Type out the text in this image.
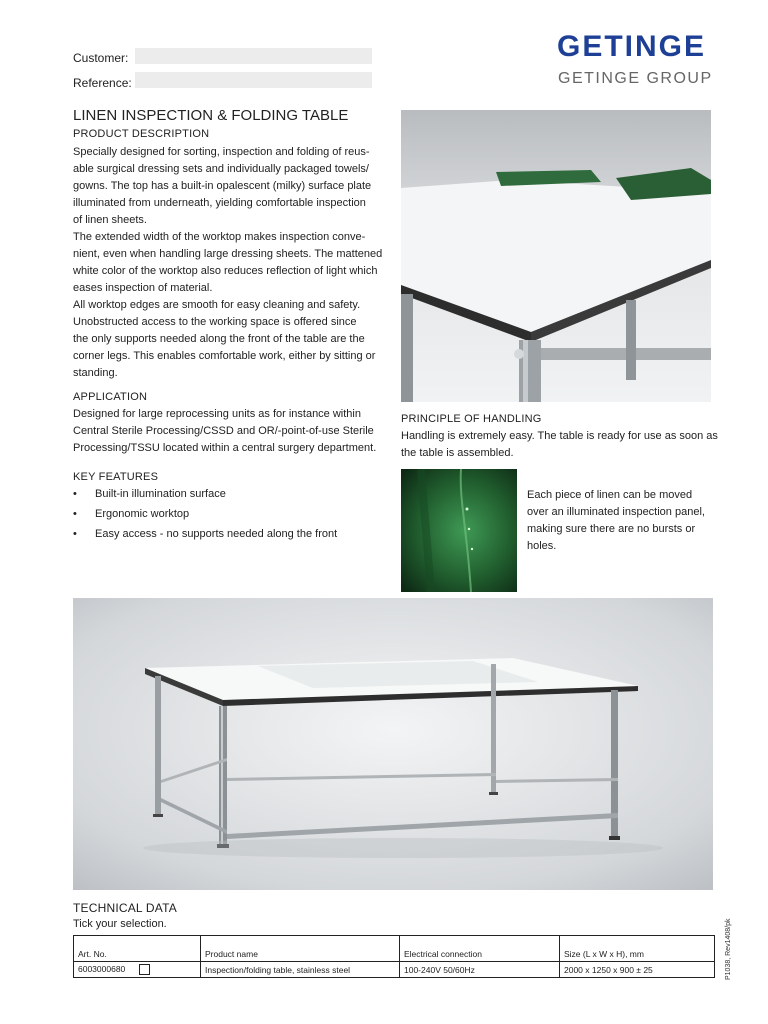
Customer:
Reference:
GETINGE
GETINGE GROUP
LINEN INSPECTION & FOLDING TABLE
PRODUCT DESCRIPTION
Specially designed for sorting, inspection and folding of reus-
able surgical dressing sets and individually packaged towels/
gowns. The top has a built-in opalescent (milky) surface plate
illuminated from underneath, yielding comfortable inspection
of linen sheets.
The extended width of the worktop makes inspection conve-
nient, even when handling large dressing sheets. The mattened
white color of the worktop also reduces reflection of light which
eases inspection of material.
All worktop edges are smooth for easy cleaning and safety.
Unobstructed access to the working space is offered since
the only supports needed along the front of the table are the
corner legs. This enables comfortable work, either by sitting or
standing.
APPLICATION
Designed for large reprocessing units as for instance within
Central Sterile Processing/CSSD and OR/-point-of-use Sterile
Processing/TSSU located within a central surgery department.
KEY FEATURES
• Built-in illumination surface
• Ergonomic worktop
• Easy access - no supports needed along the front
PRINCIPLE OF HANDLING
Handling is extremely easy. The table is ready for use as soon as
the table is assembled.
Each piece of linen can be moved
over an illuminated inspection panel,
making sure there are no bursts or
holes.
TECHNICAL DATA
Tick your selection.
Art. No.	Product name	Electrical connection	Size (L x W x H), mm
6003000680	Inspection/folding table, stainless steel	100-240V 50/60Hz	2000 x 1250 x 900 ± 25	P1038, Rev1408/pk
